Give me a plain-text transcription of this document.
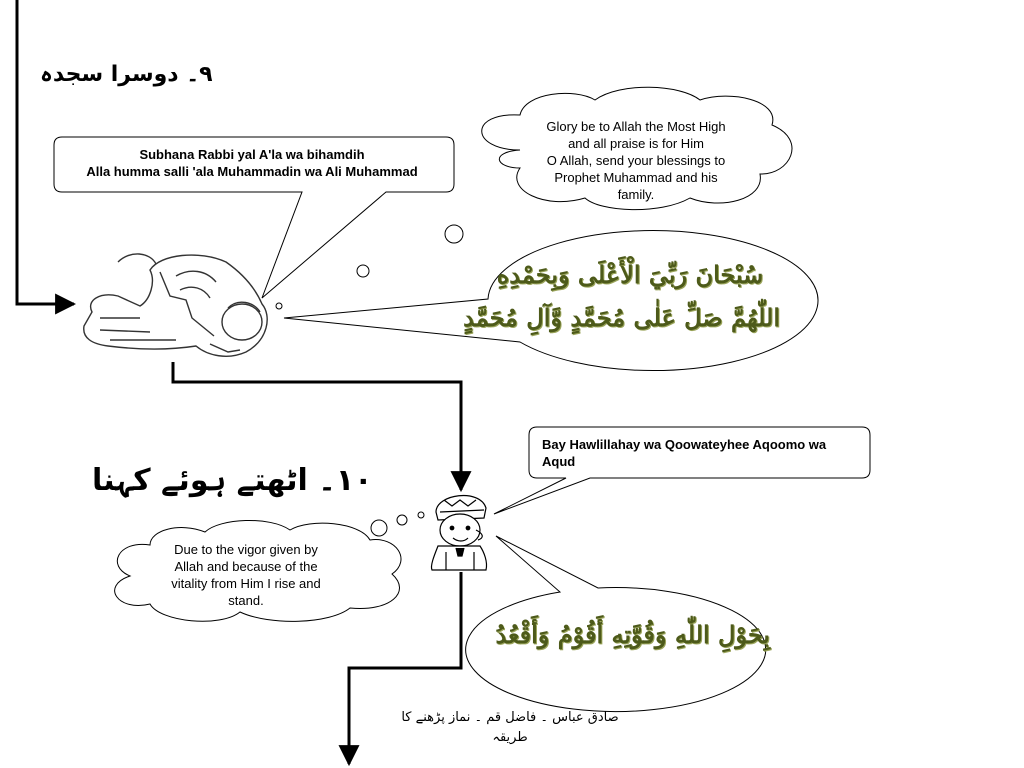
۹۔ دوسرا سجدہ
۱۰۔ اٹھتے ہوئے کہنا
Subhana Rabbi yal A'la wa bihamdih
Alla humma salli 'ala Muhammadin wa Ali Muhammad
Glory be to Allah the Most High
and all praise is for Him
O Allah, send your blessings to
Prophet Muhammad and his
family.
سُبْحَانَ رَبِّيَ الْأَعْلَى وَبِحَمْدِهِ
اللّٰهُمَّ صَلِّ عَلٰى مُحَمَّدٍ وَّآلِ مُحَمَّدٍ
Bay Hawlillahay wa Qoowateyhee Aqoomo wa
Aqud
Due to the vigor given by
Allah and because of the
vitality from Him I rise and
stand.
بِحَوْلِ اللّٰهِ وَقُوَّتِهِ أَقُوْمُ وَأَقْعُدُ
صادق عباس ۔ فاضل قم ۔ نماز پڑھنے کا
طریقہ
